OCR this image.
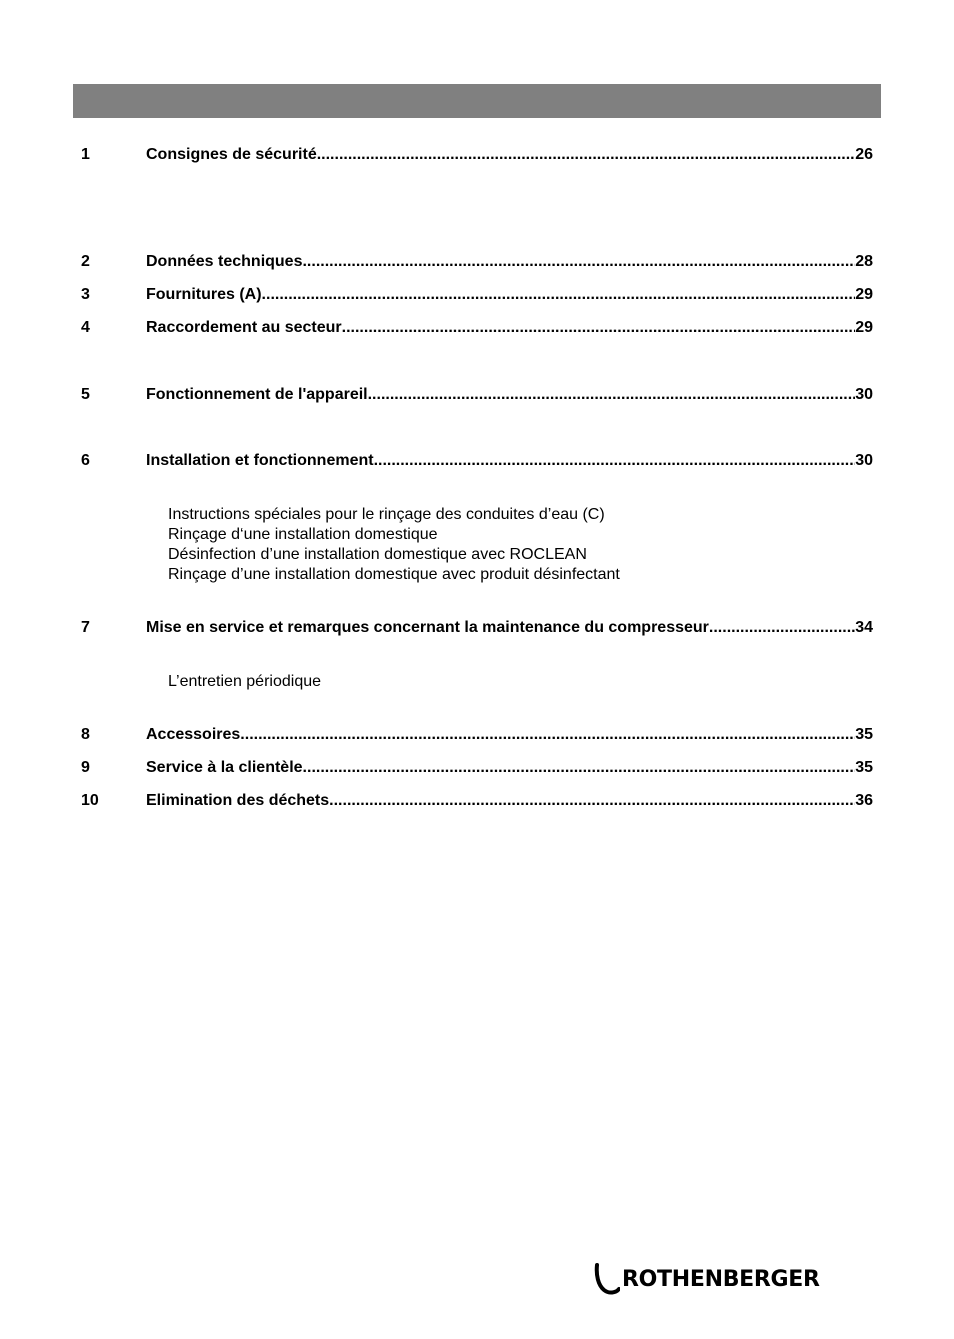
1	Consignes de sécurité .....	26
2	Données techniques .....	28
3	Fournitures (A) .....	29
4	Raccordement au secteur .....	29
5	Fonctionnement de l'appareil .....	30
6	Installation et fonctionnement .....	30
Instructions spéciales pour le rinçage des conduites d’eau (C)
Rinçage d‘une installation domestique
Désinfection d’une installation domestique avec ROCLEAN
Rinçage d’une installation domestique avec produit désinfectant
7	Mise en service et remarques concernant la maintenance du compresseur .....	34
L’entretien périodique
8	Accessoires .....	35
9	Service à la clientèle .....	35
10	Elimination des déchets .....	36
ROTHENBERGER
